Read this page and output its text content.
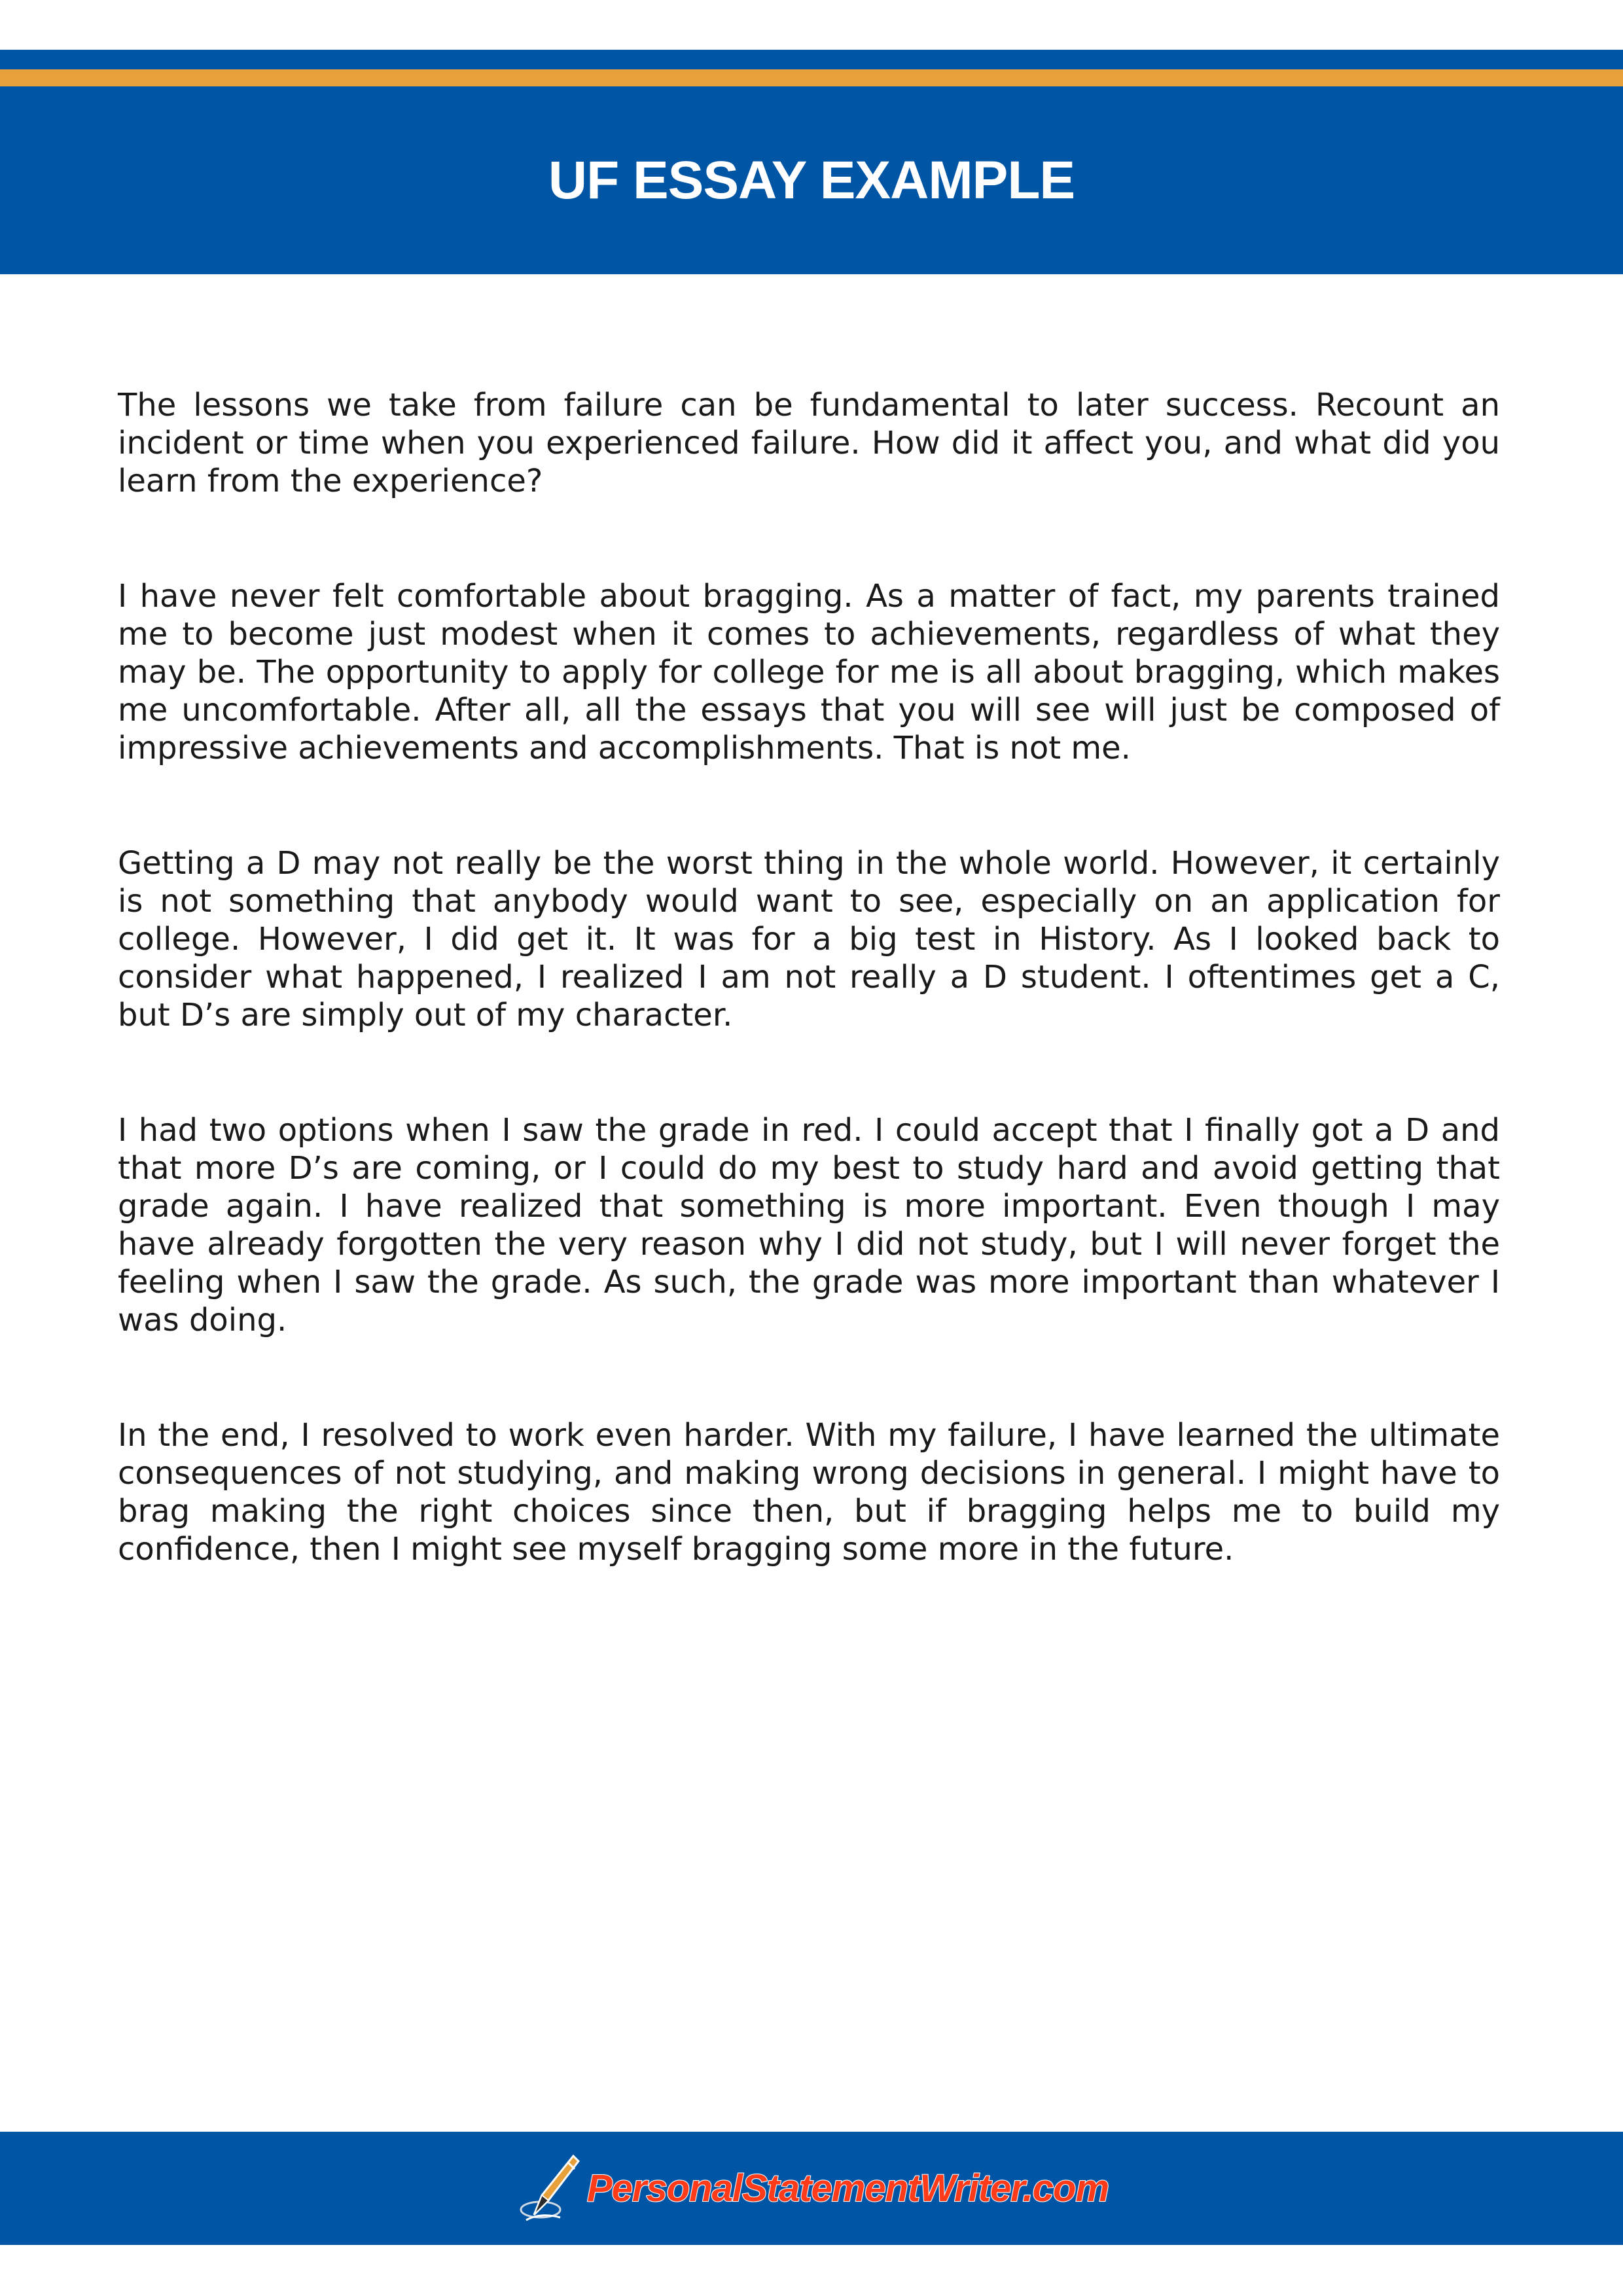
UF ESSAY EXAMPLE

The lessons we take from failure can be fundamental to later success. Recount an incident or time when you experienced failure. How did it affect you, and what did you learn from the experience?

I have never felt comfortable about bragging. As a matter of fact, my parents trained me to become just modest when it comes to achievements, regardless of what they may be. The opportunity to apply for college for me is all about bragging, which makes me uncomfortable. After all, all the essays that you will see will just be composed of impressive achievements and accomplishments. That is not me.

Getting a D may not really be the worst thing in the whole world. However, it certainly is not something that anybody would want to see, especially on an application for college. However, I did get it. It was for a big test in History. As I looked back to consider what happened, I realized I am not really a D student. I oftentimes get a C, but D’s are simply out of my character.

I had two options when I saw the grade in red. I could accept that I finally got a D and that more D’s are coming, or I could do my best to study hard and avoid getting that grade again. I have realized that something is more important. Even though I may have already forgotten the very reason why I did not study, but I will never forget the feeling when I saw the grade. As such, the grade was more important than whatever I was doing.

In the end, I resolved to work even harder. With my failure, I have learned the ultimate consequences of not studying, and making wrong decisions in general. I might have to brag making the right choices since then, but if bragging helps me to build my confidence, then I might see myself bragging some more in the future.

PersonalStatementWriter.com
